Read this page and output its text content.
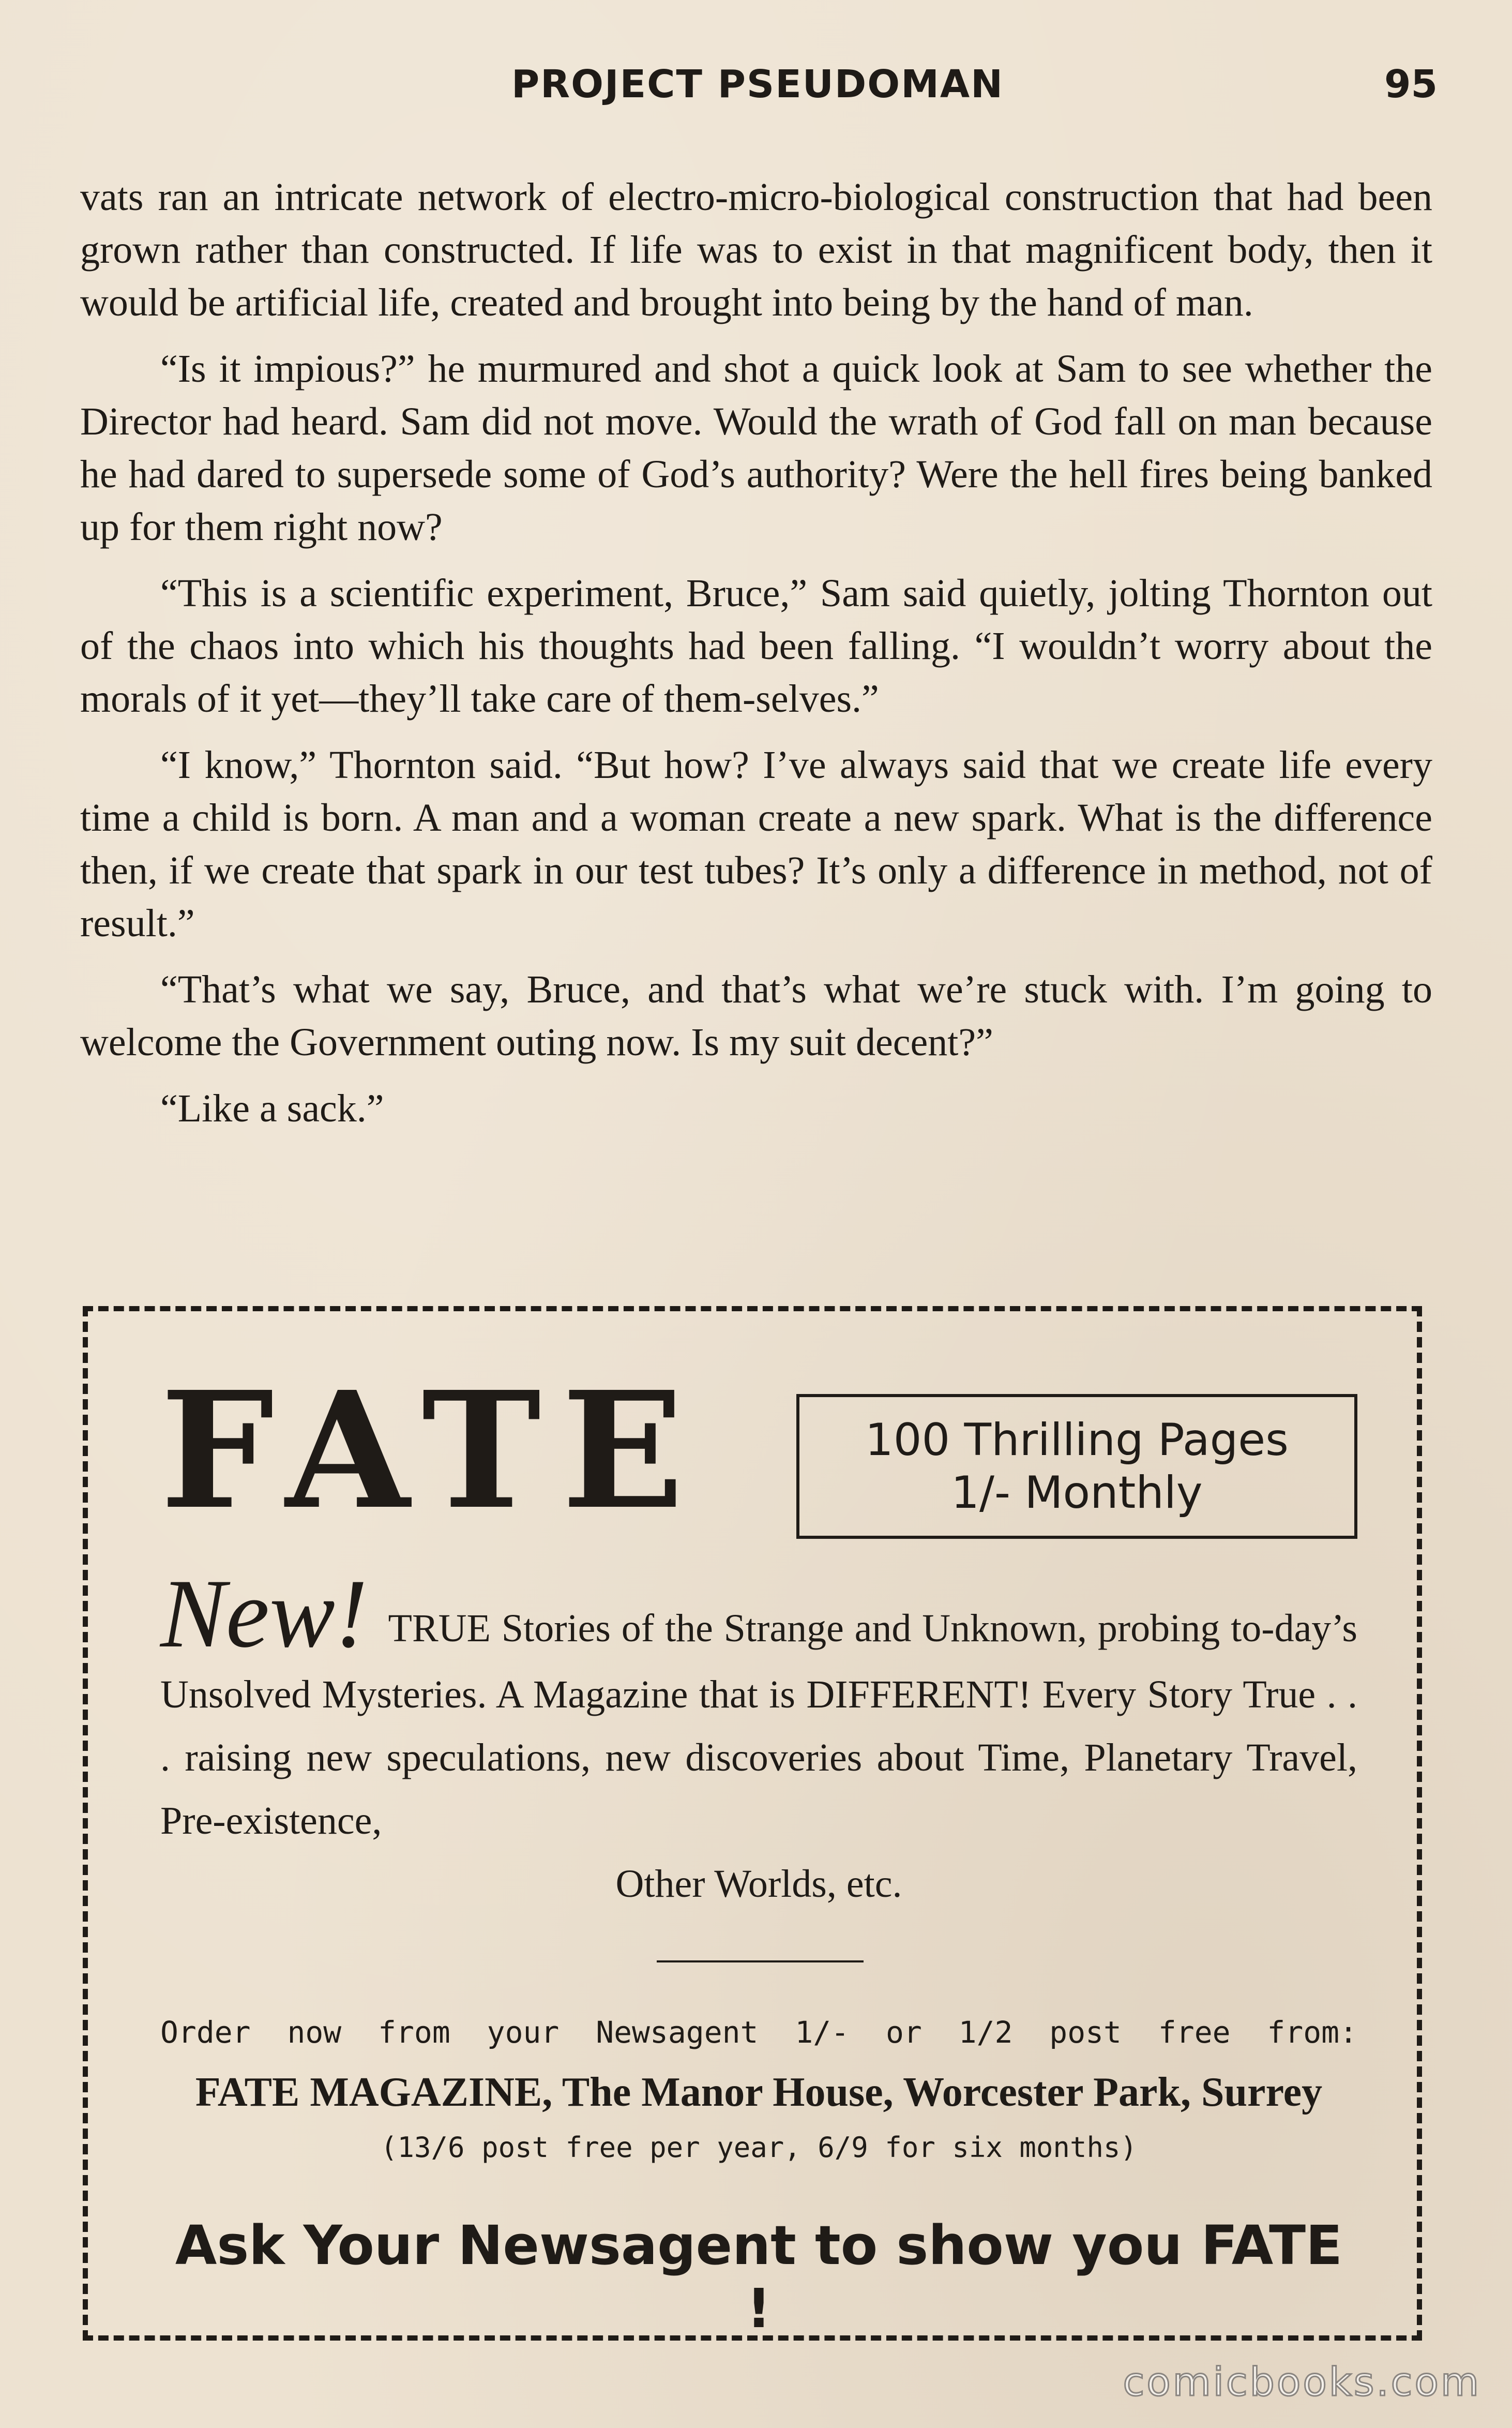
PROJECT PSEUDOMAN	95

vats ran an intricate network of electro-micro-biological construction that had been grown rather than constructed. If life was to exist in that magnificent body, then it would be artificial life, created and brought into being by the hand of man.

“Is it impious?” he murmured and shot a quick look at Sam to see whether the Director had heard. Sam did not move. Would the wrath of God fall on man because he had dared to supersede some of God’s authority? Were the hell fires being banked up for them right now?

“This is a scientific experiment, Bruce,” Sam said quietly, jolting Thornton out of the chaos into which his thoughts had been falling. “I wouldn’t worry about the morals of it yet—they’ll take care of them-selves.”

“I know,” Thornton said. “But how? I’ve always said that we create life every time a child is born. A man and a woman create a new spark. What is the difference then, if we create that spark in our test tubes? It’s only a difference in method, not of result.”

“That’s what we say, Bruce, and that’s what we’re stuck with. I’m going to welcome the Government outing now. Is my suit decent?”

“Like a sack.”

FATE	100 Thrilling Pages
1/- Monthly
New! TRUE Stories of the Strange and Unknown, probing to-day’s Unsolved Mysteries. A Magazine that is DIFFERENT! Every Story True . . . raising new speculations, new discoveries about Time, Planetary Travel, Pre-existence,
Other Worlds, etc.
Order now from your Newsagent 1/- or 1/2 post free from:
FATE MAGAZINE, The Manor House, Worcester Park, Surrey
(13/6 post free per year, 6/9 for six months)
Ask Your Newsagent to show you FATE !
comicbooks.com
